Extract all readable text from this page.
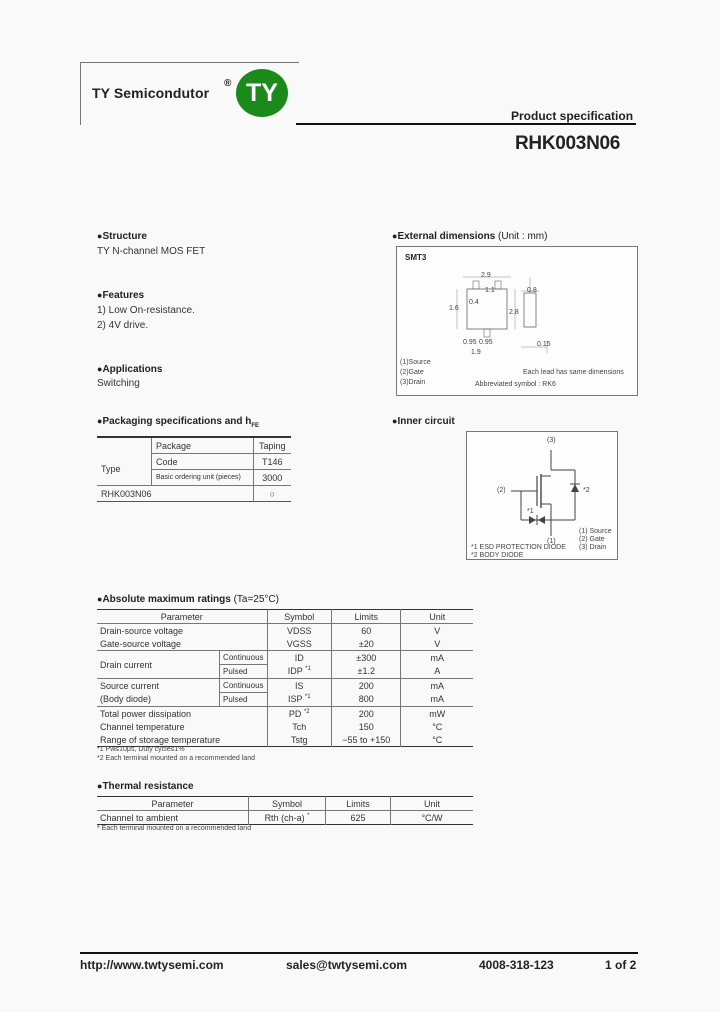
TY Semicondutor
® TY
Product specification
RHK003N06
●Structure
TY N-channel MOS FET
●Features
1) Low On-resistance.
2) 4V drive.
●Applications
Switching
●Packaging specifications and $h_{FE}$
	Package	Taping
Type	Code	T146
	Basic ordering unit (pieces)	3000
RHK003N06		○
●External dimensions (Unit : mm)
SMT3
2.9
1.1
0.4
1.6
2.8
0.95 0.95
1.9
0.8
0.15
(1)Source
(2)Gate
(3)Drain
Each lead has same dimensions
Abbreviated symbol : RK6
●Inner circuit
(3)
(2)
(1)
*2
*1
(1) Source
(2) Gate
(3) Drain
*1 ESD PROTECTION DIODE
*2 BODY DIODE
●Absolute maximum ratings (Ta=25°C)
Parameter		Symbol	Limits	Unit
Drain-source voltage		VDSS	60	V
Gate-source voltage		VGSS	±20	V
Drain current	Continuous	ID	±300	mA
	Pulsed	IDP $^{*1}$	±1.2	A
Source current	Continuous	IS	200	mA
(Body diode)	Pulsed	ISP $^{*1}$	800	mA
Total power dissipation		PD $^{*2}$	200	mW
Channel temperature		Tch	150	°C
Range of storage temperature		Tstg	−55 to +150	°C
*1 Pw≤10μs, Duty cycle≤1%
*2 Each terminal mounted on a recommended land
●Thermal resistance
Parameter	Symbol	Limits	Unit
Channel to ambient	Rth (ch-a) *	625	°C/W
* Each terminal mounted on a recommended land
http://www.twtysemi.com	sales@twtysemi.com	4008-318-123	1 of 2
